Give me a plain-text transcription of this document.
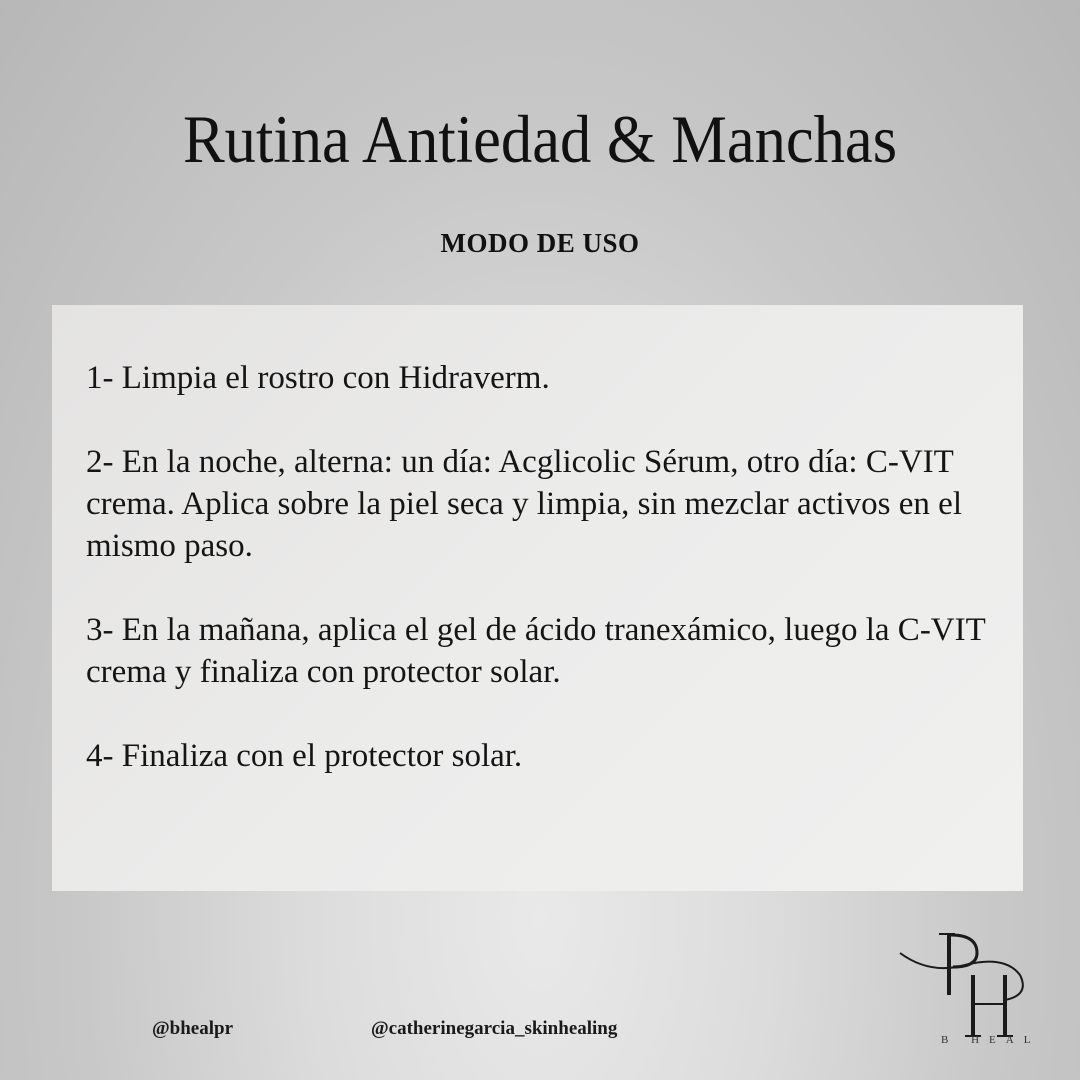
Rutina Antiedad & Manchas
MODO DE USO

1- Limpia el rostro con Hidraverm.

2- En la noche, alterna: un día: Acglicolic Sérum, otro día: C-VIT crema. Aplica sobre la piel seca y limpia, sin mezclar activos en el mismo paso.

3- En la mañana, aplica el gel de ácido tranexámico, luego la C-VIT crema y finaliza con protector solar.

4- Finaliza con el protector solar.

@bhealpr	@catherinegarcia_skinhealing
B HEAL
